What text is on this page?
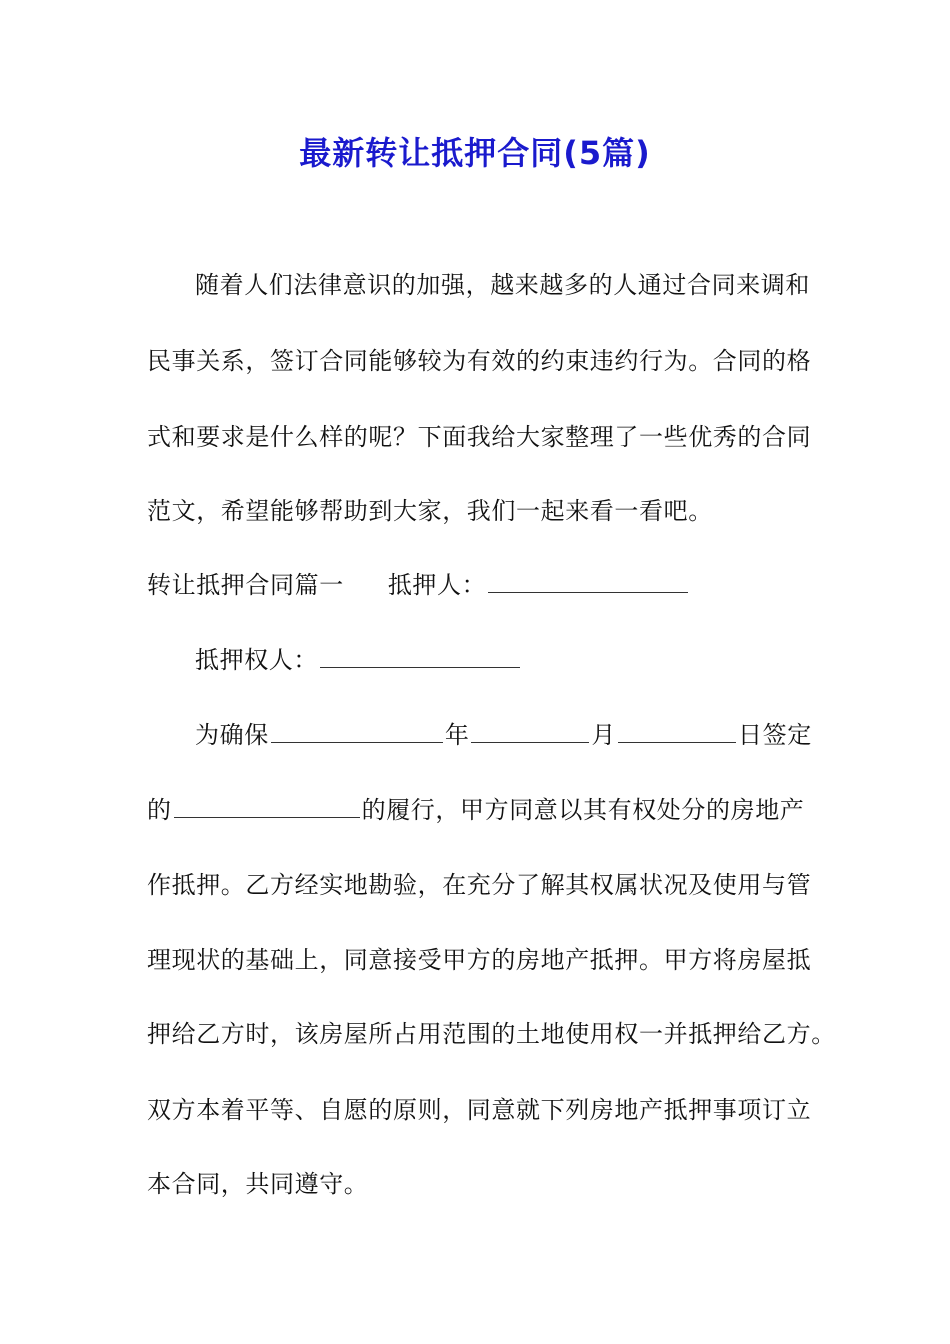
最新转让抵押合同(5篇)
随着人们法律意识的加强，越来越多的人通过合同来调和
民事关系，签订合同能够较为有效的约束违约行为。合同的格
式和要求是什么样的呢？下面我给大家整理了一些优秀的合同
范文，希望能够帮助到大家，我们一起来看一看吧。
转让抵押合同篇一 抵押人：
抵押权人：
为确保	年	月	日签定
的	的履行，甲方同意以其有权处分的房地产
作抵押。乙方经实地勘验，在充分了解其权属状况及使用与管
理现状的基础上，同意接受甲方的房地产抵押。甲方将房屋抵
押给乙方时，该房屋所占用范围的土地使用权一并抵押给乙方。
双方本着平等、自愿的原则，同意就下列房地产抵押事项订立
本合同，共同遵守。
